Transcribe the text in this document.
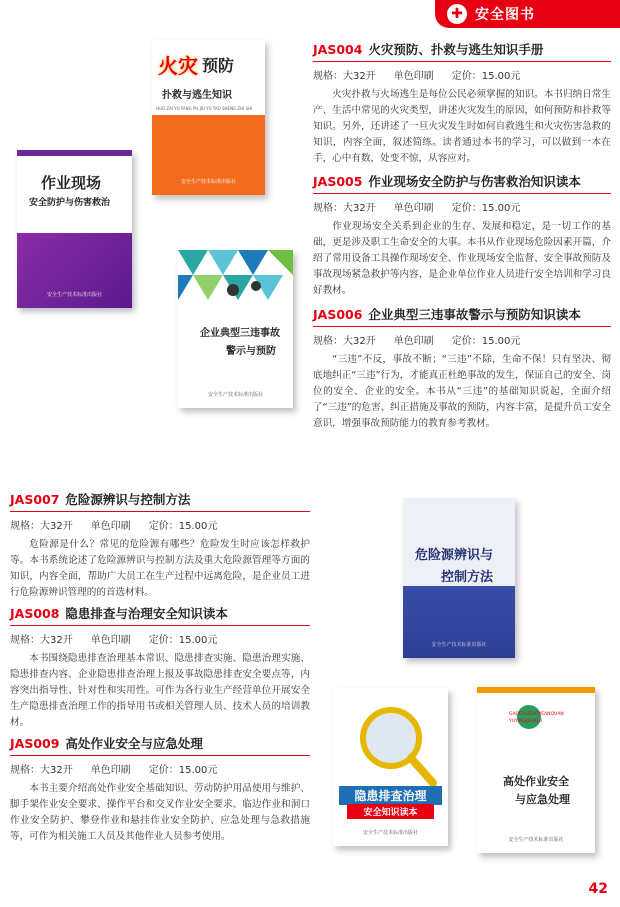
✚ 安全图书
火灾 预防
扑救与逃生知识
HUO ZAI YU FANG PU JIU YU TAO SHENG ZHI SHI
安全生产技术标准出版社
作业现场
安全防护与伤害救治
安全生产技术标准出版社
企业典型三违事故
警示与预防
安全生产技术标准出版社
JAS004 火灾预防、扑救与逃生知识手册
规格：大32开 单色印刷 定价：15.00元
火灾扑救与火场逃生是每位公民必须掌握的知识。本书归纳日常生产、生活中常见的火灾类型，讲述火灾发生的原因，如何预防和扑救等知识。另外，还讲述了一旦火灾发生时如何自救逃生和火灾伤害急救的知识，内容全面，叙述简练。读者通过本书的学习，可以做到一本在手，心中有数，处变不惊，从容应对。
JAS005 作业现场安全防护与伤害救治知识读本
规格：大32开 单色印刷 定价：15.00元
作业现场安全关系到企业的生存、发展和稳定，是一切工作的基础，更是涉及职工生命安全的大事。本书从作业现场危险因素开篇，介绍了常用设备工具操作现场安全、作业现场安全监督、安全事故预防及事故现场紧急救护等内容，是企业单位作业人员进行安全培训和学习良好教材。
JAS006 企业典型三违事故警示与预防知识读本
规格：大32开 单色印刷 定价：15.00元
“三违”不反，事故不断；“三违”不除，生命不保！只有坚决、彻底地纠正“三违”行为，才能真正杜绝事故的发生，保证自己的安全、岗位的安全、企业的安全。本书从“三违”的基础知识说起，全面介绍了“三违”的危害、纠正措施及事故的预防，内容丰富，是提升员工安全意识，增强事故预防能力的教育参考教材。
JAS007 危险源辨识与控制方法
规格：大32开 单色印刷 定价：15.00元
危险源是什么？常见的危险源有哪些？危险发生时应该怎样救护等。本书系统论述了危险源辨识与控制方法及重大危险源管理等方面的知识，内容全面，帮助广大员工在生产过程中远离危险，是企业员工进行危险源辨识管理的的首选材料。
JAS008 隐患排查与治理安全知识读本
规格：大32开 单色印刷 定价：15.00元
本书围绕隐患排查治理基本常识、隐患排查实施、隐患治理实施、隐患排查内容、企业隐患排查治理上报及事故隐患排查安全要点等，内容突出指导性、针对性和实用性。可作为各行业生产经营单位开展安全生产隐患排查治理工作的指导用书或相关管理人员、技术人员的培训教材。
JAS009 高处作业安全与应急处理
规格：大32开 单色印刷 定价：15.00元
本书主要介绍高处作业安全基础知识、劳动防护用品使用与维护、脚手架作业安全要求、操作平台和交叉作业安全要求、临边作业和洞口作业安全防护、攀登作业和悬挂作业安全防护、应急处理与急救措施等，可作为相关施工人员及其他作业人员参考使用。
危险源辨识与
控制方法
安全生产技术标准出版社
隐患排查治理
安全知识读本
安全生产技术标准出版社
GAOCHUZUOYEANQUAN YUYINGJICHULI
高处作业安全
与应急处理
安全生产技术标准出版社
42
